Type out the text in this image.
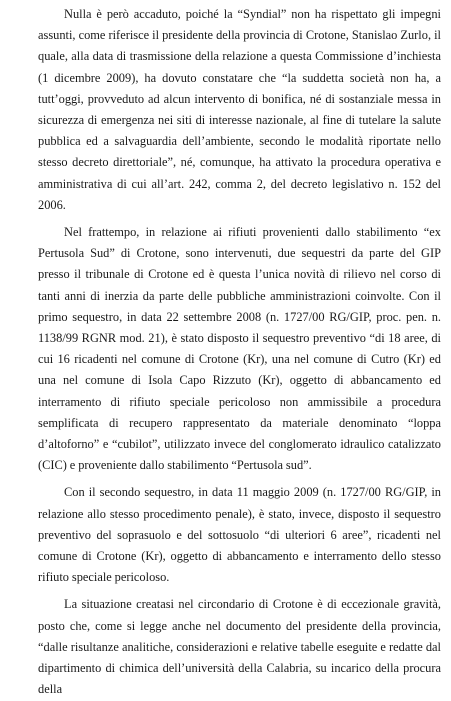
Nulla è però accaduto, poiché la “Syndial” non ha rispettato gli impegni assunti, come riferisce il presidente della provincia di Crotone, Stanislao Zurlo, il quale, alla data di trasmissione della relazione a questa Commissione d’inchiesta (1 dicembre 2009), ha dovuto constatare che “la suddetta società non ha, a tutt’oggi, provveduto ad alcun intervento di bonifica, né di sostanziale messa in sicurezza di emergenza nei siti di interesse nazionale, al fine di tutelare la salute pubblica ed a salvaguardia dell’ambiente, secondo le modalità riportate nello stesso decreto direttoriale”, né, comunque, ha attivato la procedura operativa e amministrativa di cui all’art. 242, comma 2, del decreto legislativo n. 152 del 2006.

Nel frattempo, in relazione ai rifiuti provenienti dallo stabilimento “ex Pertusola Sud” di Crotone, sono intervenuti, due sequestri da parte del GIP presso il tribunale di Crotone ed è questa l’unica novità di rilievo nel corso di tanti anni di inerzia da parte delle pubbliche amministrazioni coinvolte. Con il primo sequestro, in data 22 settembre 2008 (n. 1727/00 RG/GIP, proc. pen. n. 1138/99 RGNR mod. 21), è stato disposto il sequestro preventivo “di 18 aree, di cui 16 ricadenti nel comune di Crotone (Kr), una nel comune di Cutro (Kr) ed una nel comune di Isola Capo Rizzuto (Kr), oggetto di abbancamento ed interramento di rifiuto speciale pericoloso non ammissibile a procedura semplificata di recupero rappresentato da materiale denominato “loppa d’altoforno” e “cubilot”, utilizzato invece del conglomerato idraulico catalizzato (CIC) e proveniente dallo stabilimento “Pertusola sud”.

Con il secondo sequestro, in data 11 maggio 2009 (n. 1727/00 RG/GIP, in relazione allo stesso procedimento penale), è stato, invece, disposto il sequestro preventivo del soprasuolo e del sottosuolo “di ulteriori 6 aree”, ricadenti nel comune di Crotone (Kr), oggetto di abbancamento e interramento dello stesso rifiuto speciale pericoloso.

La situazione creatasi nel circondario di Crotone è di eccezionale gravità, posto che, come si legge anche nel documento del presidente della provincia, “dalle risultanze analitiche, considerazioni e relative tabelle eseguite e redatte dal dipartimento di chimica dell’università della Calabria, su incarico della procura della
